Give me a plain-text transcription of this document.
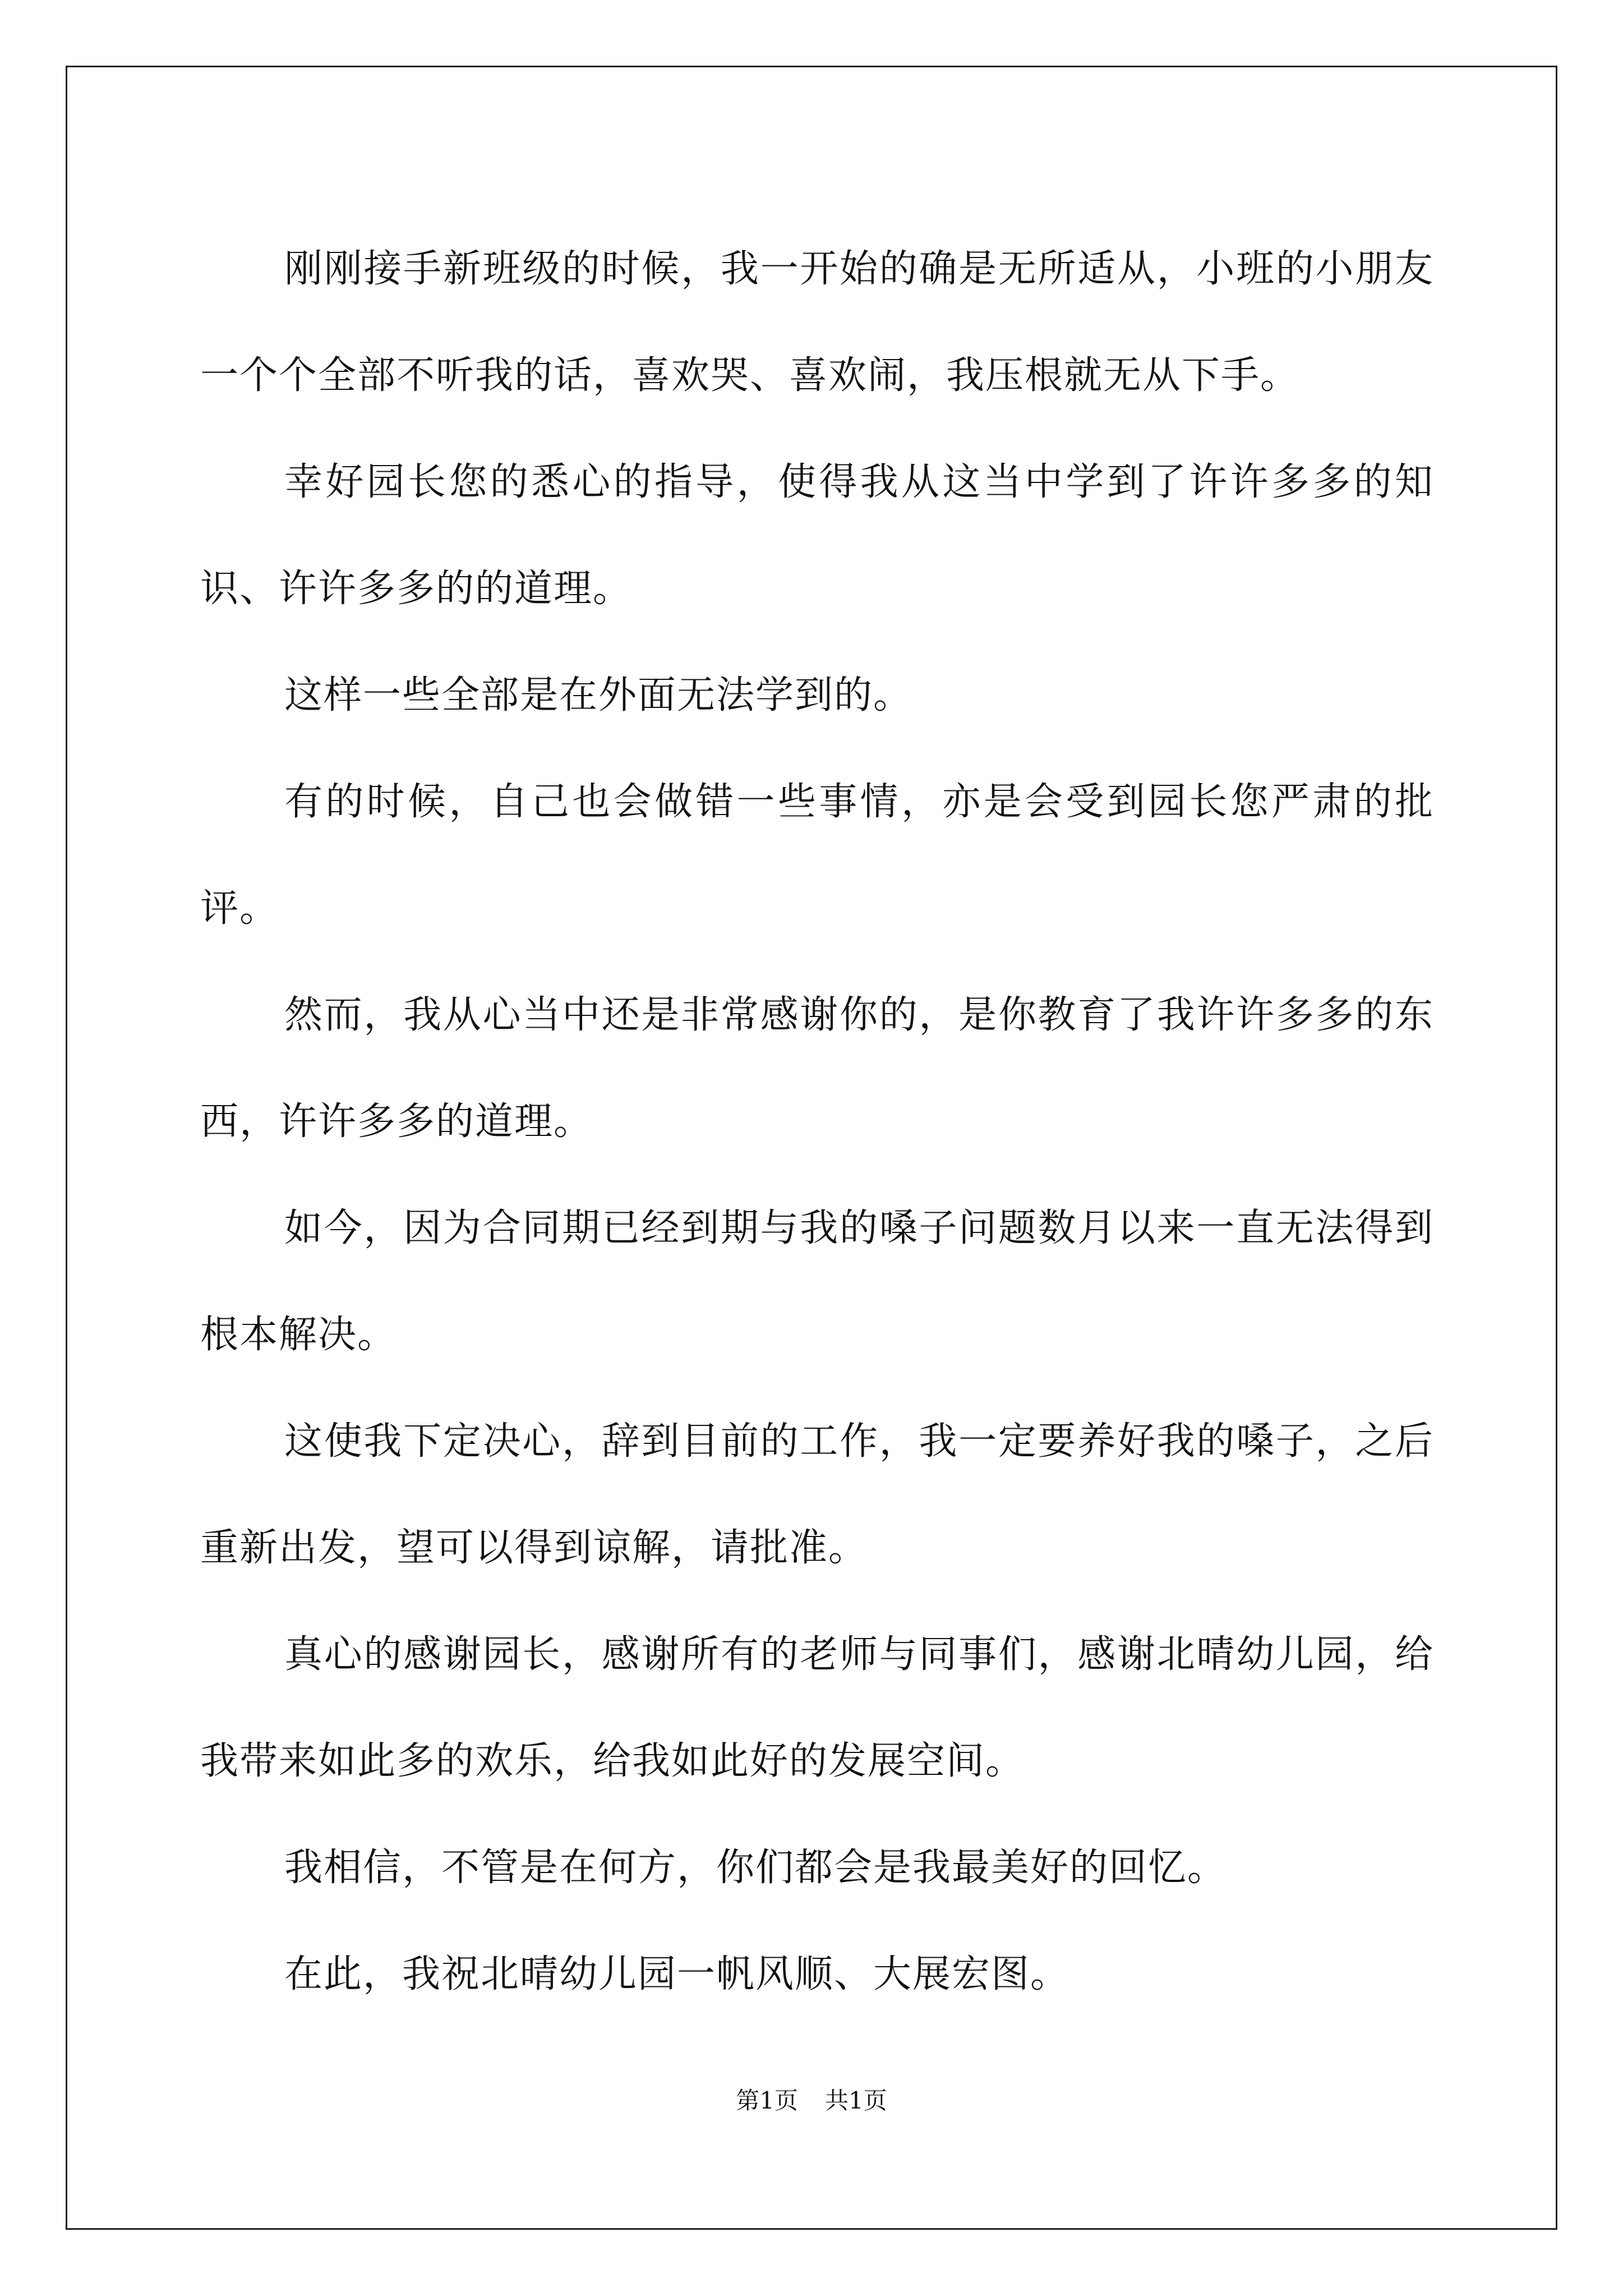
刚刚接手新班级的时候，我一开始的确是无所适从，小班的小朋友一个个全部不听我的话，喜欢哭、喜欢闹，我压根就无从下手。

幸好园长您的悉心的指导，使得我从这当中学到了许许多多的知识、许许多多的的道理。

这样一些全部是在外面无法学到的。

有的时候，自己也会做错一些事情，亦是会受到园长您严肃的批评。

然而，我从心当中还是非常感谢你的，是你教育了我许许多多的东西，许许多多的道理。

如今，因为合同期已经到期与我的嗓子问题数月以来一直无法得到根本解决。

这使我下定决心，辞到目前的工作，我一定要养好我的嗓子，之后重新出发，望可以得到谅解，请批准。

真心的感谢园长，感谢所有的老师与同事们，感谢北晴幼儿园，给我带来如此多的欢乐，给我如此好的发展空间。

我相信，不管是在何方，你们都会是我最美好的回忆。

在此，我祝北晴幼儿园一帆风顺、大展宏图。

第1页 共1页
